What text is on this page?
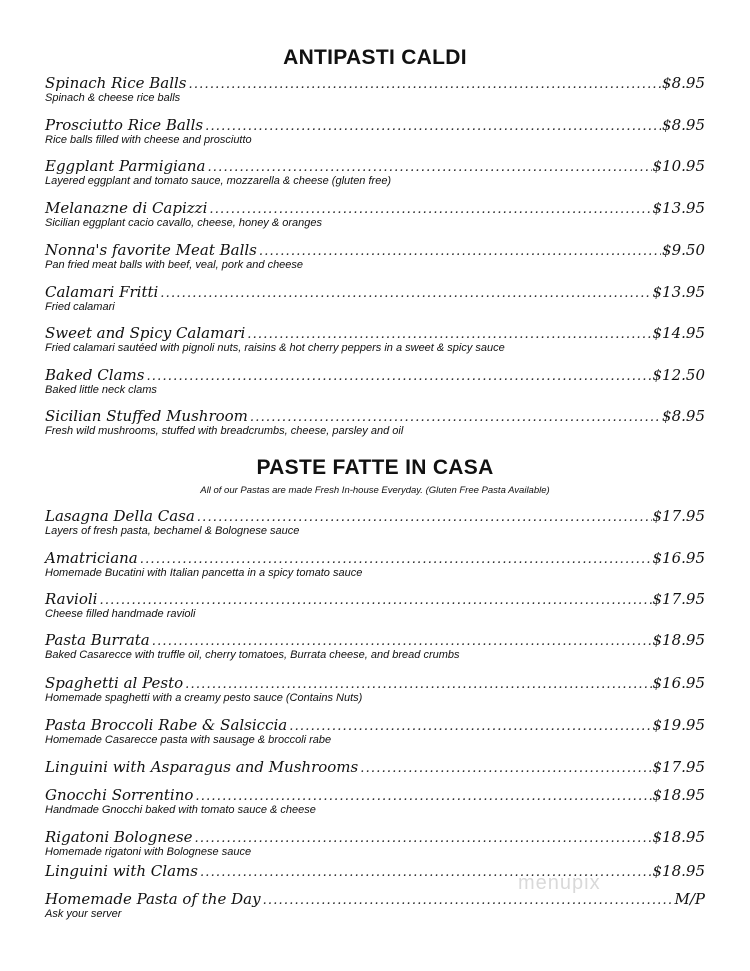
menupix
ANTIPASTI CALDI
Spinach Rice Balls .....	$8.95
Spinach & cheese rice balls
Prosciutto Rice Balls .....	$8.95
Rice balls filled with cheese and prosciutto
Eggplant Parmigiana .....	$10.95
Layered eggplant and tomato sauce, mozzarella & cheese (gluten free)
Melanazne di Capizzi .....	$13.95
Sicilian eggplant cacio cavallo, cheese, honey & oranges
Nonna's favorite Meat Balls .....	$9.50
Pan fried meat balls with beef, veal, pork and cheese
Calamari Fritti .....	$13.95
Fried calamari
Sweet and Spicy Calamari .....	$14.95
Fried calamari sautéed with pignoli nuts, raisins & hot cherry peppers in a sweet & spicy sauce
Baked Clams .....	$12.50
Baked little neck clams
Sicilian Stuffed Mushroom .....	$8.95
Fresh wild mushrooms, stuffed with breadcrumbs, cheese, parsley and oil
PASTE FATTE IN CASA
All of our Pastas are made Fresh In-house Everyday. (Gluten Free Pasta Available)
Lasagna Della Casa .....	$17.95
Layers of fresh pasta, bechamel & Bolognese sauce
Amatriciana .....	$16.95
Homemade Bucatini with Italian pancetta in a spicy tomato sauce
Ravioli .....	$17.95
Cheese filled handmade ravioli
Pasta Burrata .....	$18.95
Baked Casarecce with truffle oil, cherry tomatoes, Burrata cheese, and bread crumbs
Spaghetti al Pesto .....	$16.95
Homemade spaghetti with a creamy pesto sauce (Contains Nuts)
Pasta Broccoli Rabe & Salsiccia .....	$19.95
Homemade Casarecce pasta with sausage & broccoli rabe
Linguini with Asparagus and Mushrooms .....	$17.95
Gnocchi Sorrentino .....	$18.95
Handmade Gnocchi baked with tomato sauce & cheese
Rigatoni Bolognese .....	$18.95
Homemade rigatoni with Bolognese sauce
Linguini with Clams .....	$18.95
Homemade Pasta of the Day .....	M/P
Ask your server
